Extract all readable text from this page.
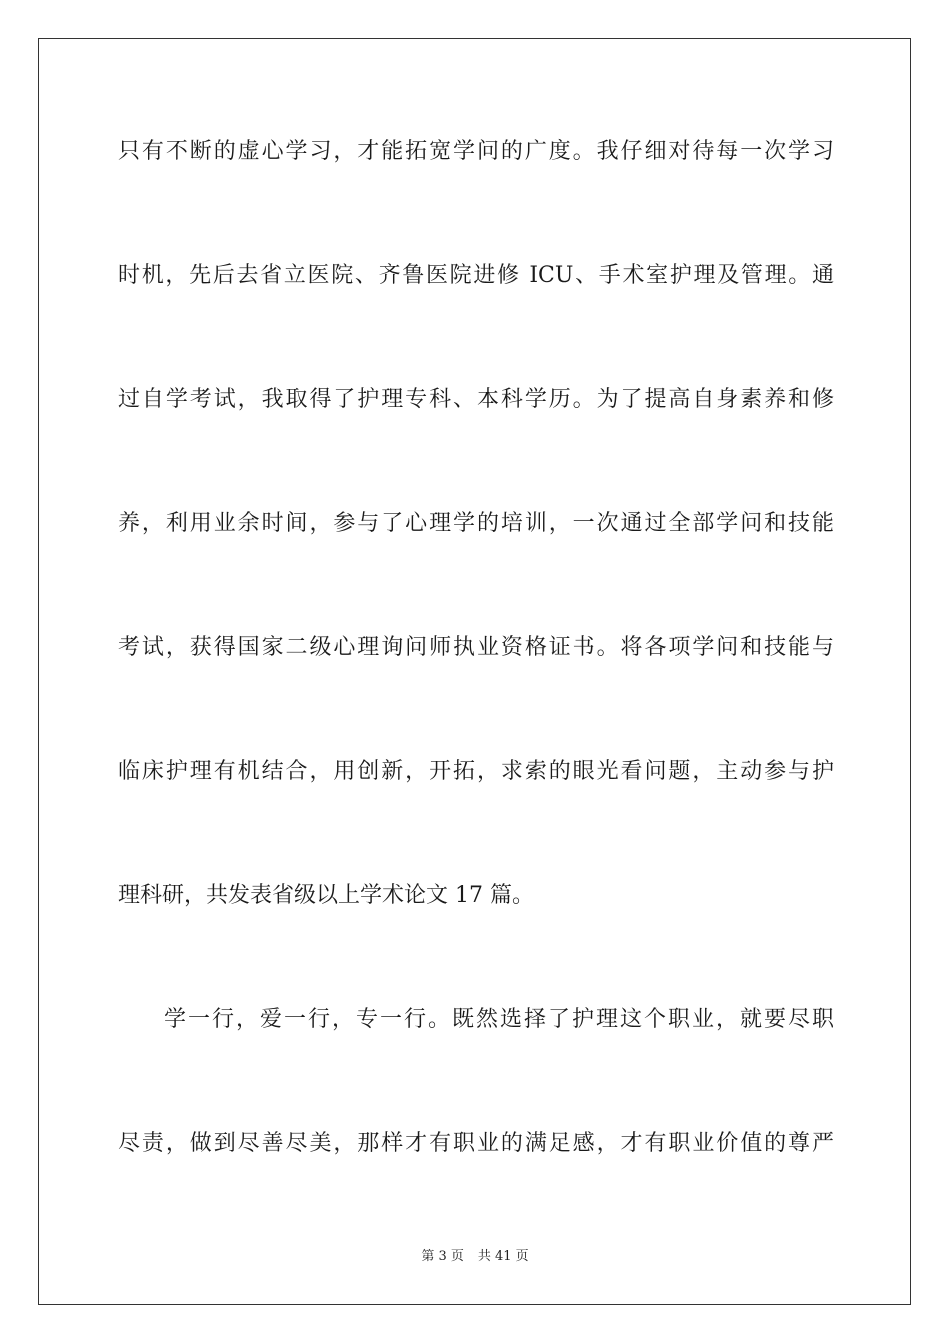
只有不断的虚心学习，才能拓宽学问的广度。我仔细对待每一次学习
时机，先后去省立医院、齐鲁医院进修 ICU、手术室护理及管理。通
过自学考试，我取得了护理专科、本科学历。为了提高自身素养和修
养，利用业余时间，参与了心理学的培训，一次通过全部学问和技能
考试，获得国家二级心理询问师执业资格证书。将各项学问和技能与
临床护理有机结合，用创新，开拓，求索的眼光看问题，主动参与护
理科研，共发表省级以上学术论文 17 篇。
学一行，爱一行，专一行。既然选择了护理这个职业，就要尽职
尽责，做到尽善尽美，那样才有职业的满足感，才有职业价值的尊严
第 3 页 共 41 页
